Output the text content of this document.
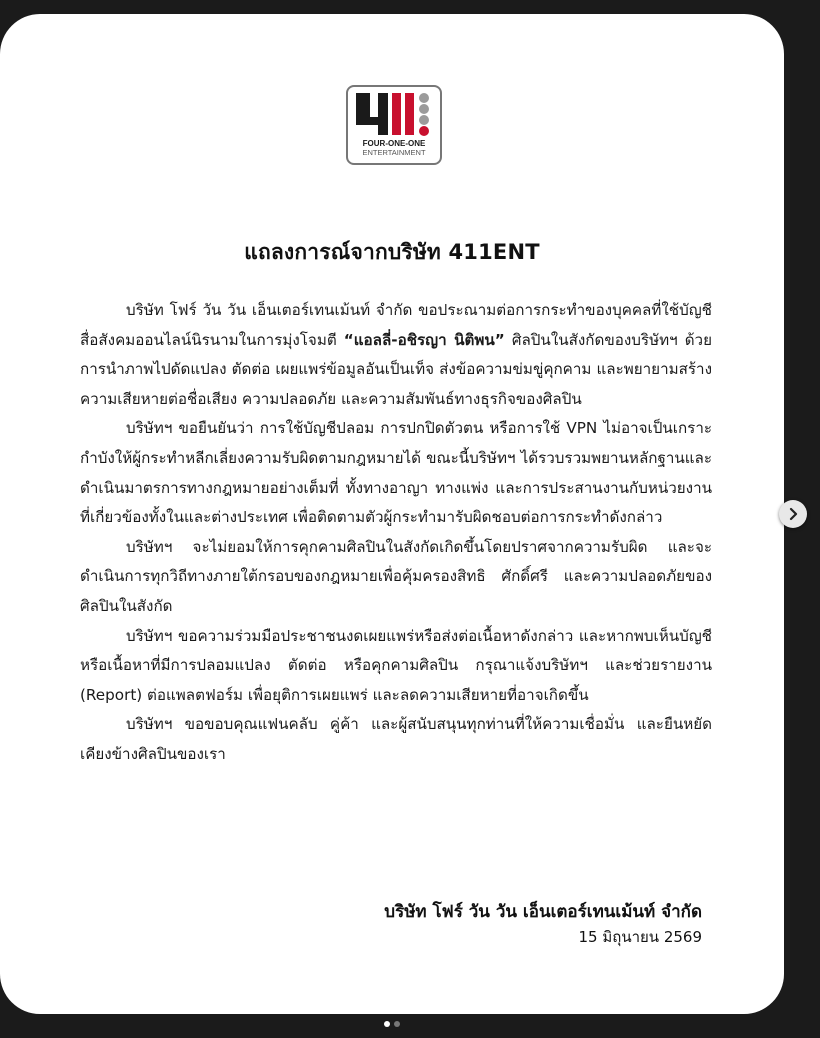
FOUR-ONE-ONE
ENTERTAINMENT
แถลงการณ์จากบริษัท 411ENT

บริษัท โฟร์ วัน วัน เอ็นเตอร์เทนเม้นท์ จำกัด ขอประณามต่อการกระทำของบุคคลที่ใช้บัญชีสื่อสังคมออนไลน์นิรนามในการมุ่งโจมตี “แอลลี่-อชิรญา นิติพน” ศิลปินในสังกัดของบริษัทฯ ด้วยการนำภาพไปดัดแปลง ตัดต่อ เผยแพร่ข้อมูลอันเป็นเท็จ ส่งข้อความข่มขู่คุกคาม และพยายามสร้างความเสียหายต่อชื่อเสียง ความปลอดภัย และความสัมพันธ์ทางธุรกิจของศิลปิน

บริษัทฯ ขอยืนยันว่า การใช้บัญชีปลอม การปกปิดตัวตน หรือการใช้ VPN ไม่อาจเป็นเกราะกำบังให้ผู้กระทำหลีกเลี่ยงความรับผิดตามกฎหมายได้ ขณะนี้บริษัทฯ ได้รวบรวมพยานหลักฐานและดำเนินมาตรการทางกฎหมายอย่างเต็มที่ ทั้งทางอาญา ทางแพ่ง และการประสานงานกับหน่วยงานที่เกี่ยวข้องทั้งในและต่างประเทศ เพื่อติดตามตัวผู้กระทำมารับผิดชอบต่อการกระทำดังกล่าว

บริษัทฯ จะไม่ยอมให้การคุกคามศิลปินในสังกัดเกิดขึ้นโดยปราศจากความรับผิด และจะดำเนินการทุกวิถีทางภายใต้กรอบของกฎหมายเพื่อคุ้มครองสิทธิ ศักดิ์ศรี และความปลอดภัยของศิลปินในสังกัด

บริษัทฯ ขอความร่วมมือประชาชนงดเผยแพร่หรือส่งต่อเนื้อหาดังกล่าว และหากพบเห็นบัญชีหรือเนื้อหาที่มีการปลอมแปลง ตัดต่อ หรือคุกคามศิลปิน กรุณาแจ้งบริษัทฯ และช่วยรายงาน (Report) ต่อแพลตฟอร์ม เพื่อยุติการเผยแพร่ และลดความเสียหายที่อาจเกิดขึ้น

บริษัทฯ ขอขอบคุณแฟนคลับ คู่ค้า และผู้สนับสนุนทุกท่านที่ให้ความเชื่อมั่น และยืนหยัดเคียงข้างศิลปินของเรา

บริษัท โฟร์ วัน วัน เอ็นเตอร์เทนเม้นท์ จำกัด
15 มิถุนายน 2569
